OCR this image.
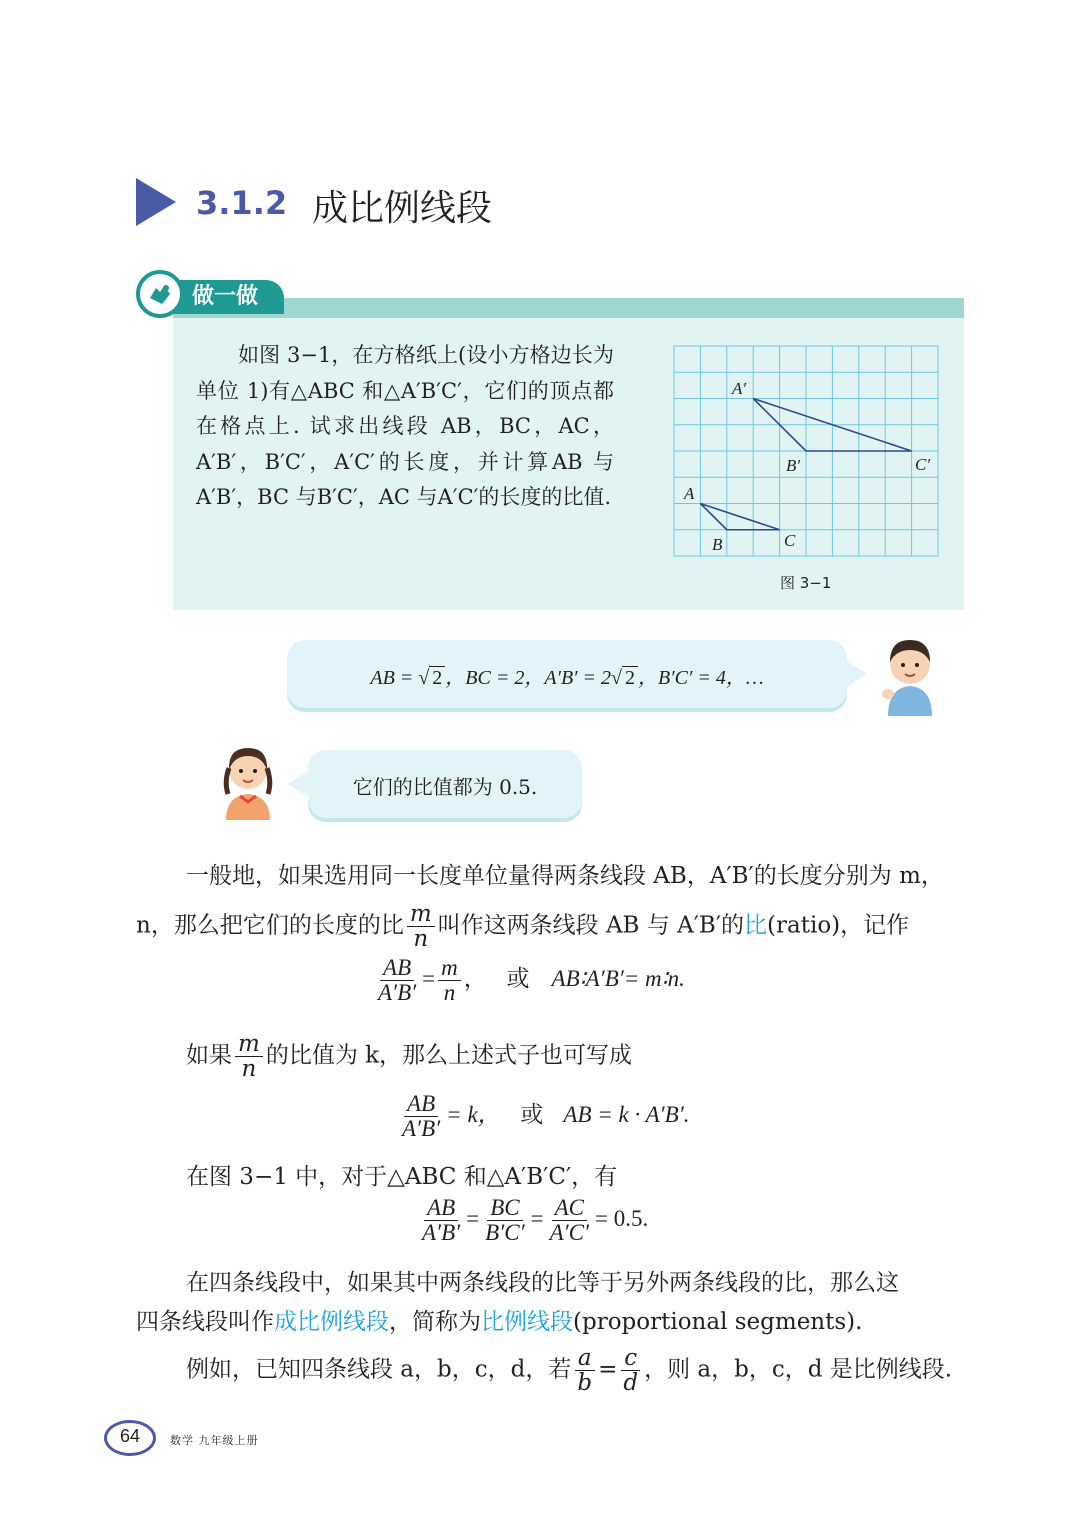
3.1.2 成比例线段
做一做

如图 3−1，在方格纸上(设小方格边长为单位 1)有△ABC 和△A′B′C′，它们的顶点都在格点上. 试求出线段 AB，BC，AC，A′B′，B′C′，A′C′的长度，并计算AB 与A′B′，BC 与B′C′，AC 与A′C′的长度的比值.

A′
B′	C′
A
B	C
图 3−1
AB = √ 2 ，BC = 2，A′B′ = 2√ 2 ，B′C′ = 4，…
它们的比值都为 0.5.
一般地，如果选用同一长度单位量得两条线段 AB，A′B′的长度分别为 m，
n，那么把它们的长度的比 $\frac{m}{n}$ 叫作这两条线段 AB 与 A′B′的比(ratio)，记作
$\frac{AB}{A'B'} = \frac{m}{n}$ ， 或 AB∶A′B′= m∶n.
如果 $\frac{m}{n}$ 的比值为 k，那么上述式子也可写成
$\frac{AB}{A'B'} = k$， 或 AB = k · A′B′.
在图 3−1 中，对于△ABC 和△A′B′C′，有
$\frac{AB}{A'B'} = \frac{BC}{B'C'} = \frac{AC}{A'C'} = 0.5$.
在四条线段中，如果其中两条线段的比等于另外两条线段的比，那么这
四条线段叫作成比例线段，简称为比例线段(proportional segments).
例如，已知四条线段 a，b，c，d，若 $\frac{a}{b} = \frac{c}{d}$ ，则 a，b，c，d 是比例线段.
64	数学 九年级上册
